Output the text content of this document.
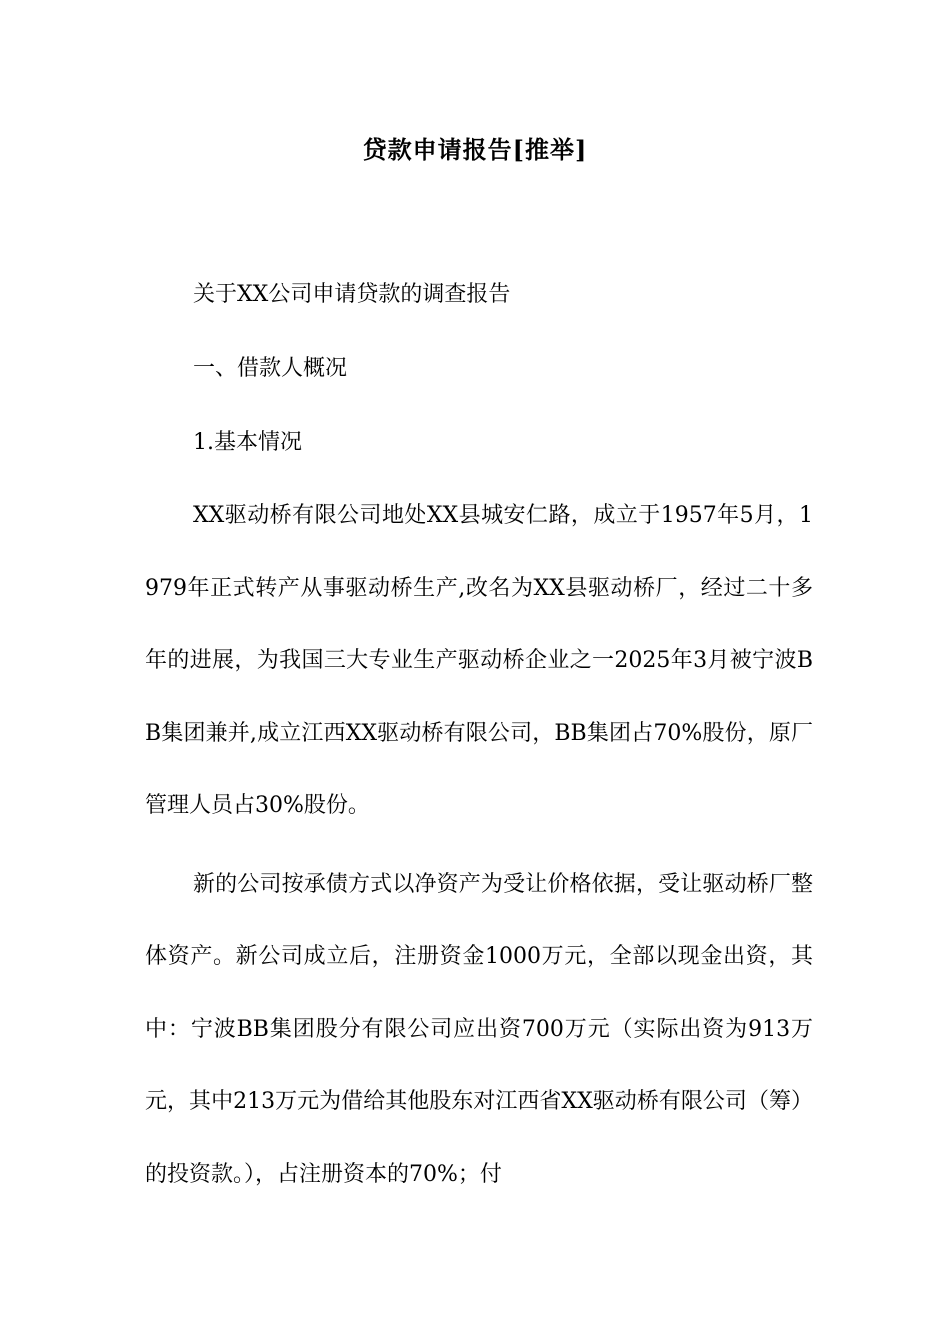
贷款申请报告[推举]

关于XX公司申请贷款的调查报告

一、借款人概况

1.基本情况

XX驱动桥有限公司地处XX县城安仁路，成立于1957年5月，1979年正式转产从事驱动桥生产,改名为XX县驱动桥厂，经过二十多年的进展，为我国三大专业生产驱动桥企业之一2025年3月被宁波BB集团兼并,成立江西XX驱动桥有限公司，BB集团占70%股份，原厂管理人员占30%股份。

新的公司按承债方式以净资产为受让价格依据，受让驱动桥厂整体资产。新公司成立后，注册资金1000万元，全部以现金出资，其中：宁波BB集团股分有限公司应出资700万元（实际出资为913万元，其中213万元为借给其他股东对江西省XX驱动桥有限公司（筹）的投资款。），占注册资本的70%；付
